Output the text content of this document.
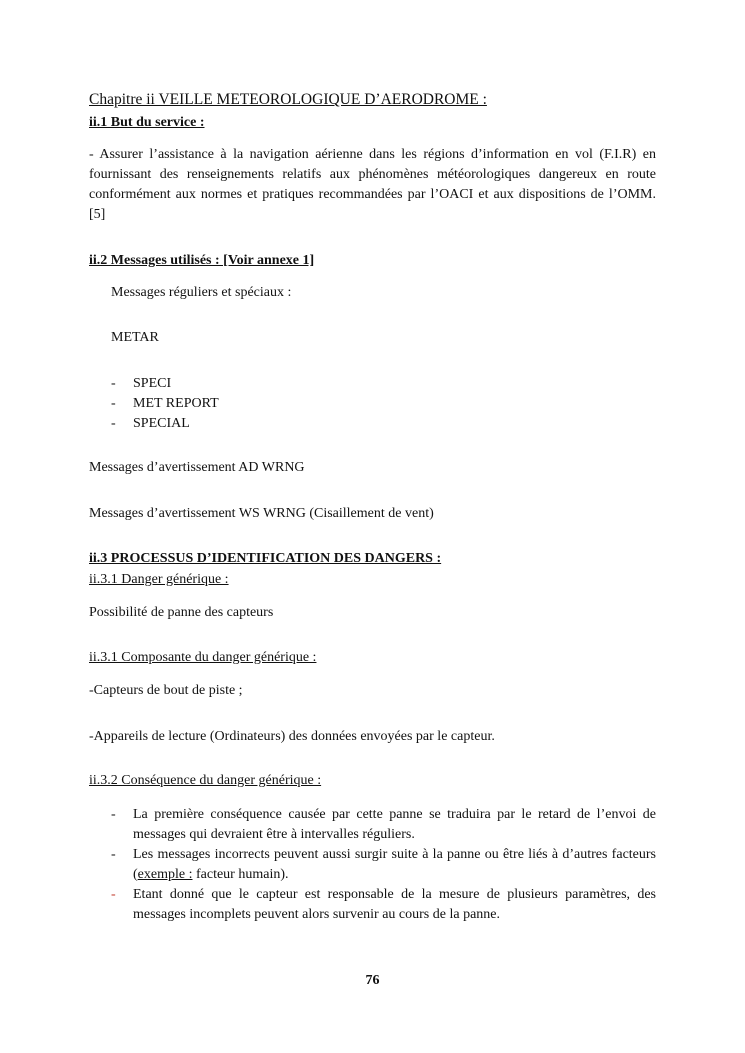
Chapitre ii VEILLE METEOROLOGIQUE D’AERODROME :

ii.1 But du service :

- Assurer l’assistance à la navigation aérienne dans les régions d’information en vol (F.I.R) en fournissant des renseignements relatifs aux phénomènes météorologiques dangereux en route conformément aux normes et pratiques recommandées par l’OACI et aux dispositions de l’OMM. [5]

ii.2 Messages utilisés : [Voir annexe 1]

Messages réguliers et spéciaux :

METAR

- SPECI
- MET REPORT
- SPECIAL

Messages d’avertissement AD WRNG

Messages d’avertissement WS WRNG (Cisaillement de vent)

ii.3 PROCESSUS D’IDENTIFICATION DES DANGERS :

ii.3.1 Danger générique :

Possibilité de panne des capteurs

ii.3.1 Composante du danger générique :

-Capteurs de bout de piste ;

-Appareils de lecture (Ordinateurs) des données envoyées par le capteur.

ii.3.2 Conséquence du danger générique :

- La première conséquence causée par cette panne se traduira par le retard de l’envoi de messages qui devraient être à intervalles réguliers.
- Les messages incorrects peuvent aussi surgir suite à la panne ou être liés à d’autres facteurs (exemple : facteur humain).
- Etant donné que le capteur est responsable de la mesure de plusieurs paramètres, des messages incomplets peuvent alors survenir au cours de la panne.

76
